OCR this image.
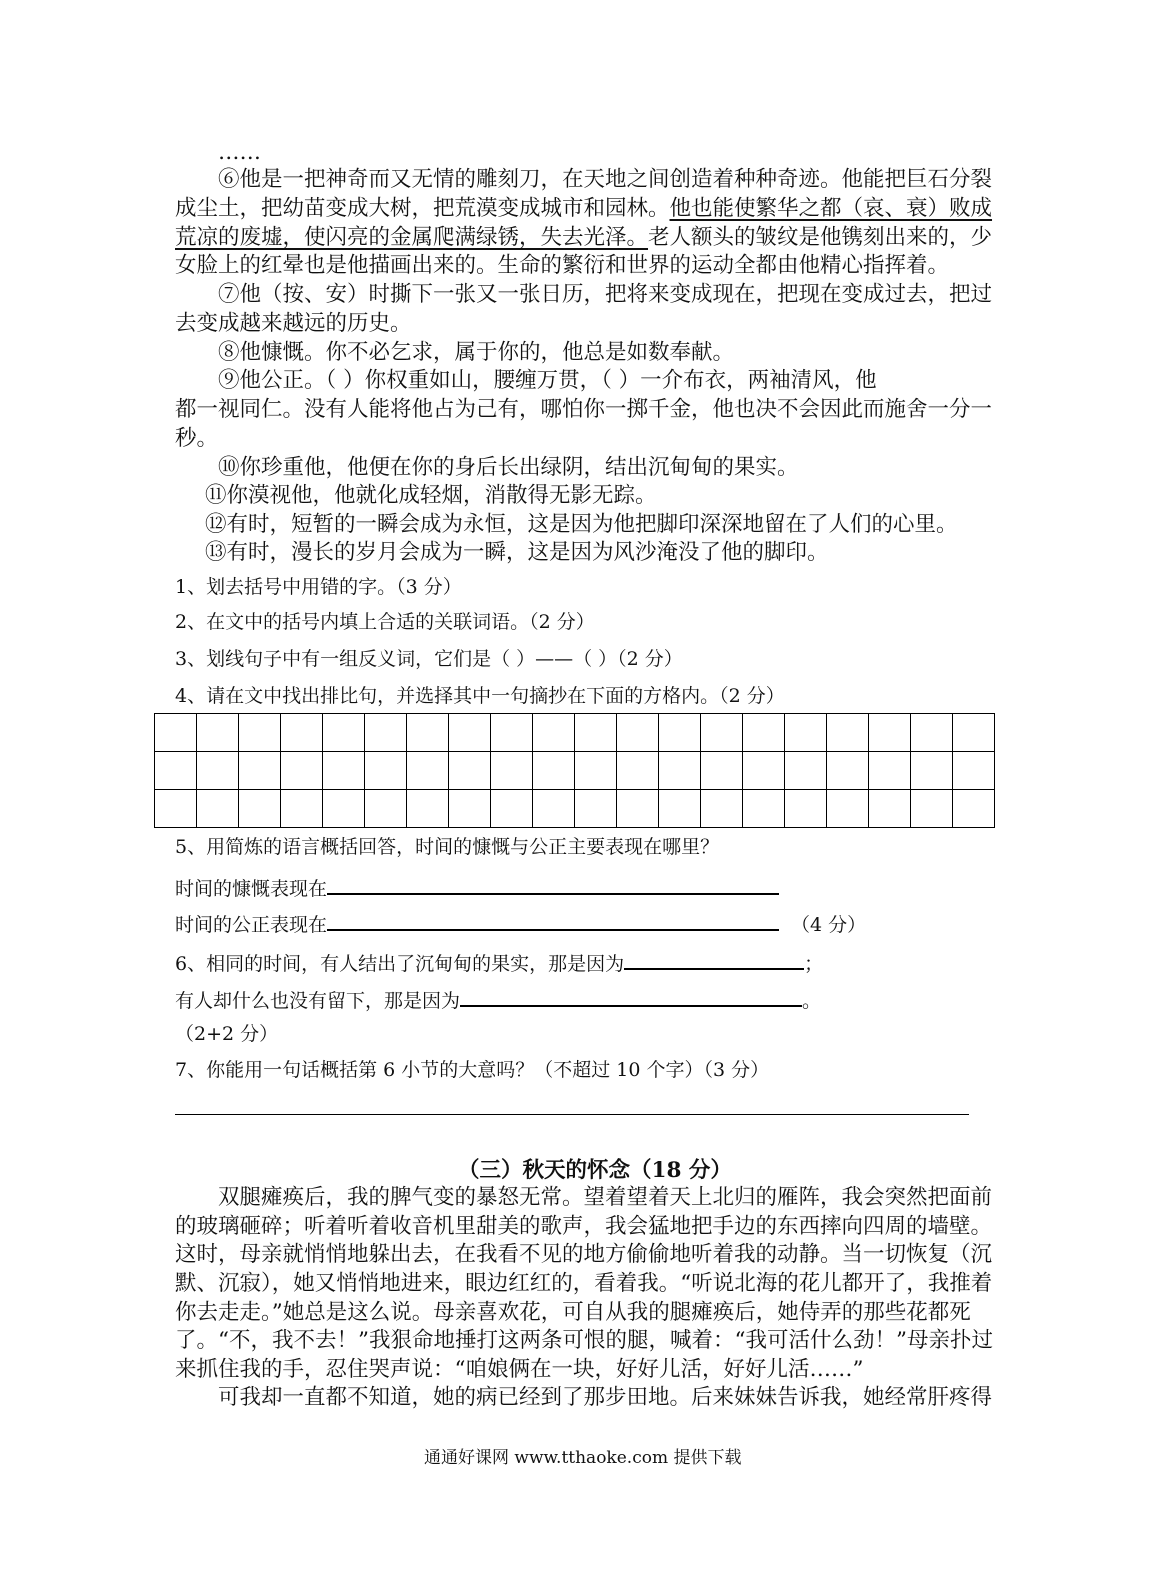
……
⑥他是一把神奇而又无情的雕刻刀，在天地之间创造着种种奇迹。他能把巨石分裂
成尘土，把幼苗变成大树，把荒漠变成城市和园林。他也能使繁华之都（哀、衰）败成
荒凉的废墟，使闪亮的金属爬满绿锈，失去光泽。老人额头的皱纹是他镌刻出来的，少
女脸上的红晕也是他描画出来的。生命的繁衍和世界的运动全都由他精心指挥着。
⑦他（按、安）时撕下一张又一张日历，把将来变成现在，把现在变成过去，把过
去变成越来越远的历史。
⑧他慷慨。你不必乞求，属于你的，他总是如数奉献。
⑨他公正。（ ）你权重如山，腰缠万贯，（ ）一介布衣，两袖清风，他
都一视同仁。没有人能将他占为己有，哪怕你一掷千金，他也决不会因此而施舍一分一
秒。
⑩你珍重他，他便在你的身后长出绿阴，结出沉甸甸的果实。
⑪你漠视他，他就化成轻烟，消散得无影无踪。
⑫有时，短暂的一瞬会成为永恒，这是因为他把脚印深深地留在了人们的心里。
⑬有时，漫长的岁月会成为一瞬，这是因为风沙淹没了他的脚印。
1、划去括号中用错的字。（3 分）
2、在文中的括号内填上合适的关联词语。（2 分）
3、划线句子中有一组反义词，它们是（ ）——（ ）（2 分）
4、请在文中找出排比句，并选择其中一句摘抄在下面的方格内。（2 分）

5、用简炼的语言概括回答，时间的慷慨与公正主要表现在哪里？
时间的慷慨表现在
时间的公正表现在	（4 分）
6、相同的时间，有人结出了沉甸甸的果实，那是因为	；
有人却什么也没有留下，那是因为	。
（2+2 分）
7、你能用一句话概括第 6 小节的大意吗？（不超过 10 个字）（3 分）
（三）秋天的怀念（18 分）
双腿瘫痪后，我的脾气变的暴怒无常。望着望着天上北归的雁阵，我会突然把面前
的玻璃砸碎；听着听着收音机里甜美的歌声，我会猛地把手边的东西摔向四周的墙壁。
这时，母亲就悄悄地躲出去，在我看不见的地方偷偷地听着我的动静。当一切恢复（沉
默、沉寂），她又悄悄地进来，眼边红红的，看着我。“听说北海的花儿都开了，我推着
你去走走。”她总是这么说。母亲喜欢花，可自从我的腿瘫痪后，她侍弄的那些花都死
了。“不，我不去！”我狠命地捶打这两条可恨的腿，喊着：“我可活什么劲！”母亲扑过
来抓住我的手，忍住哭声说：“咱娘俩在一块，好好儿活，好好儿活……”
可我却一直都不知道，她的病已经到了那步田地。后来妹妹告诉我，她经常肝疼得
通通好课网 www.tthaoke.com 提供下载
